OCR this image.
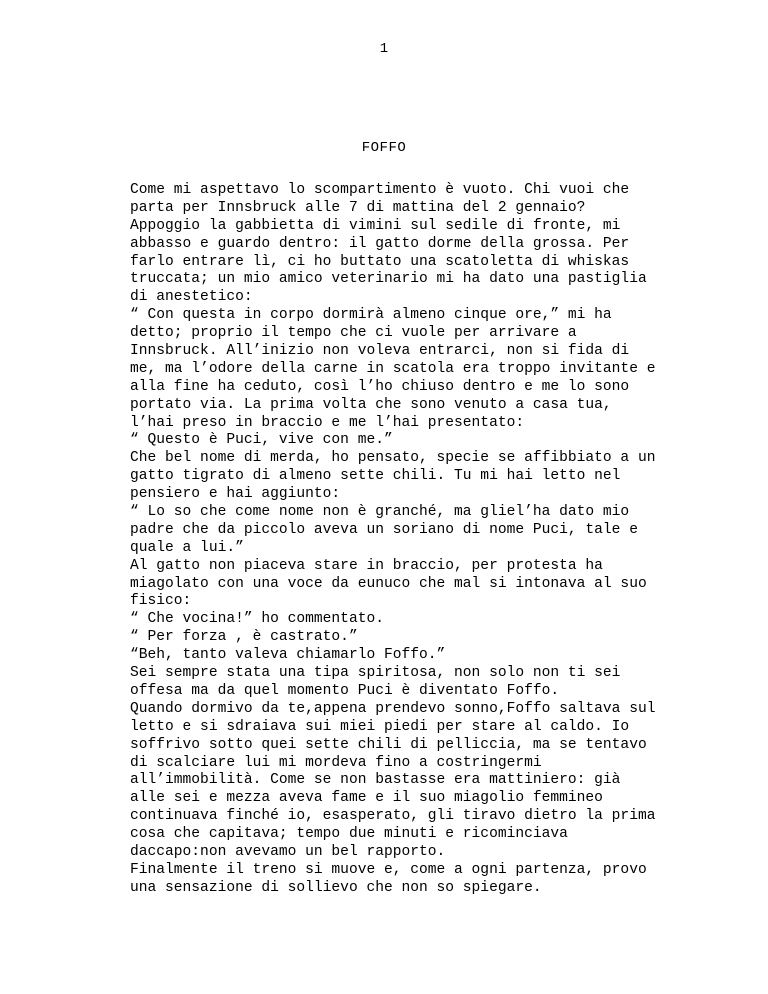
1
FOFFO
Come mi aspettavo lo scompartimento è vuoto. Chi vuoi che
parta per Innsbruck alle 7 di mattina del 2 gennaio?
Appoggio la gabbietta di vimini sul sedile di fronte, mi
abbasso e guardo dentro: il gatto dorme della grossa. Per
farlo entrare lì, ci ho buttato una scatoletta di whiskas
truccata; un mio amico veterinario mi ha dato una pastiglia
di anestetico:
“ Con questa in corpo dormirà almeno cinque ore,” mi ha
detto; proprio il tempo che ci vuole per arrivare a
Innsbruck. All’inizio non voleva entrarci, non si fida di
me, ma l’odore della carne in scatola era troppo invitante e
alla fine ha ceduto, così l’ho chiuso dentro e me lo sono
portato via. La prima volta che sono venuto a casa tua,
l’hai preso in braccio e me l’hai presentato:
“ Questo è Puci, vive con me.”
Che bel nome di merda, ho pensato, specie se affibbiato a un
gatto tigrato di almeno sette chili. Tu mi hai letto nel
pensiero e hai aggiunto:
“ Lo so che come nome non è granché, ma gliel’ha dato mio
padre che da piccolo aveva un soriano di nome Puci, tale e
quale a lui.”
Al gatto non piaceva stare in braccio, per protesta ha
miagolato con una voce da eunuco che mal si intonava al suo
fisico:
“ Che vocina!” ho commentato.
“ Per forza , è castrato.”
“Beh, tanto valeva chiamarlo Foffo.”
Sei sempre stata una tipa spiritosa, non solo non ti sei
offesa ma da quel momento Puci è diventato Foffo.
Quando dormivo da te,appena prendevo sonno,Foffo saltava sul
letto e si sdraiava sui miei piedi per stare al caldo. Io
soffrivo sotto quei sette chili di pelliccia, ma se tentavo
di scalciare lui mi mordeva fino a costringermi
all’immobilità. Come se non bastasse era mattiniero: già
alle sei e mezza aveva fame e il suo miagolio femmineo
continuava finché io, esasperato, gli tiravo dietro la prima
cosa che capitava; tempo due minuti e ricominciava
daccapo:non avevamo un bel rapporto.
Finalmente il treno si muove e, come a ogni partenza, provo
una sensazione di sollievo che non so spiegare.
